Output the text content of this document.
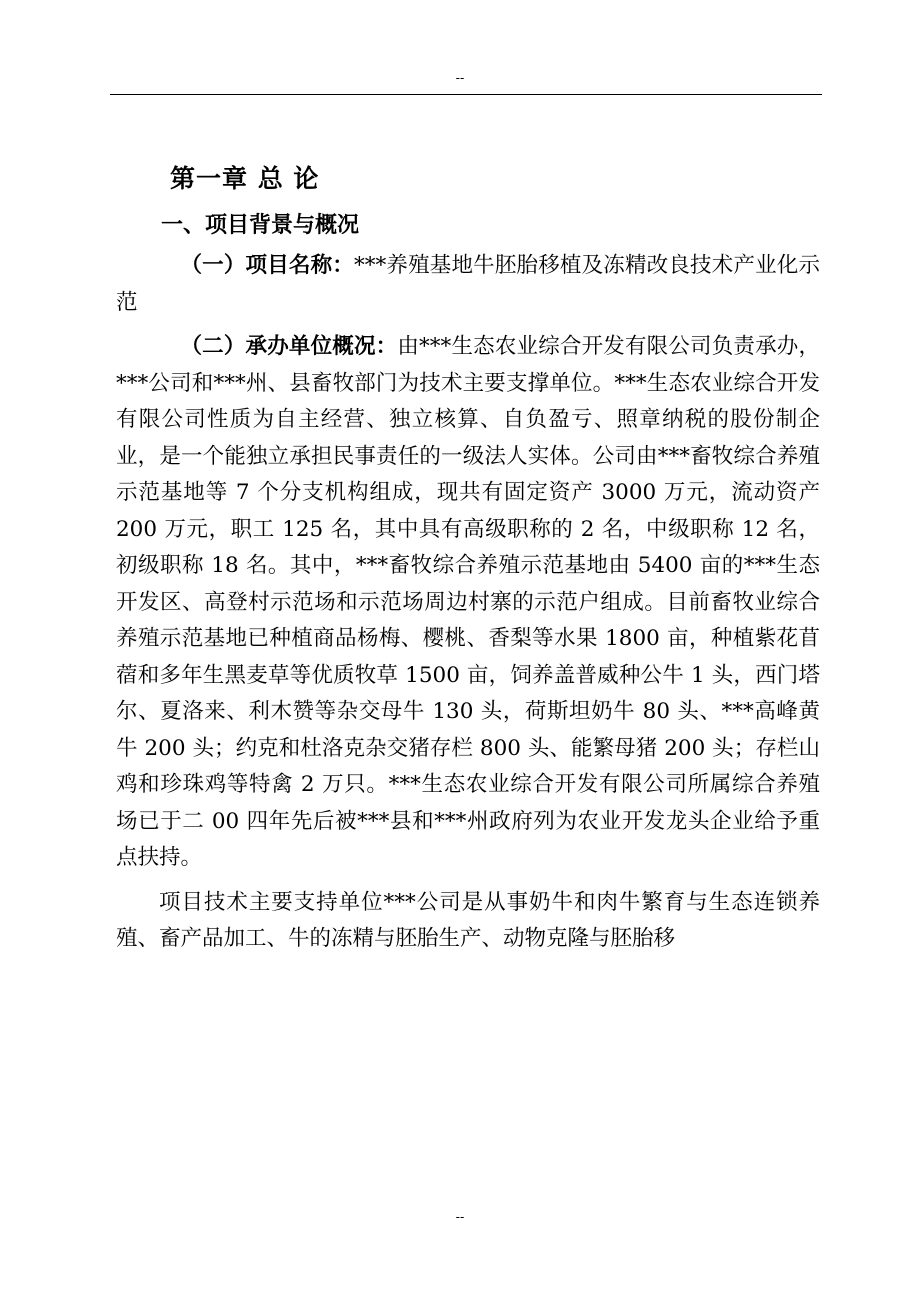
--
第一章 总 论
一、项目背景与概况

（一）项目名称：***养殖基地牛胚胎移植及冻精改良技术产业化示范

（二）承办单位概况：由***生态农业综合开发有限公司负责承办，***公司和***州、县畜牧部门为技术主要支撑单位。***生态农业综合开发有限公司性质为自主经营、独立核算、自负盈亏、照章纳税的股份制企业，是一个能独立承担民事责任的一级法人实体。公司由***畜牧综合养殖示范基地等 7 个分支机构组成，现共有固定资产 3000 万元，流动资产 200 万元，职工 125 名，其中具有高级职称的 2 名，中级职称 12 名，初级职称 18 名。其中，***畜牧综合养殖示范基地由 5400 亩的***生态开发区、高登村示范场和示范场周边村寨的示范户组成。目前畜牧业综合养殖示范基地已种植商品杨梅、樱桃、香梨等水果 1800 亩，种植紫花苜蓿和多年生黑麦草等优质牧草 1500 亩，饲养盖普威种公牛 1 头，西门塔尔、夏洛来、利木赞等杂交母牛 130 头，荷斯坦奶牛 80 头、***高峰黄牛 200 头；约克和杜洛克杂交猪存栏 800 头、能繁母猪 200 头；存栏山鸡和珍珠鸡等特禽 2 万只。***生态农业综合开发有限公司所属综合养殖场已于二 00 四年先后被***县和***州政府列为农业开发龙头企业给予重点扶持。

项目技术主要支持单位***公司是从事奶牛和肉牛繁育与生态连锁养殖、畜产品加工、牛的冻精与胚胎生产、动物克隆与胚胎移

--
